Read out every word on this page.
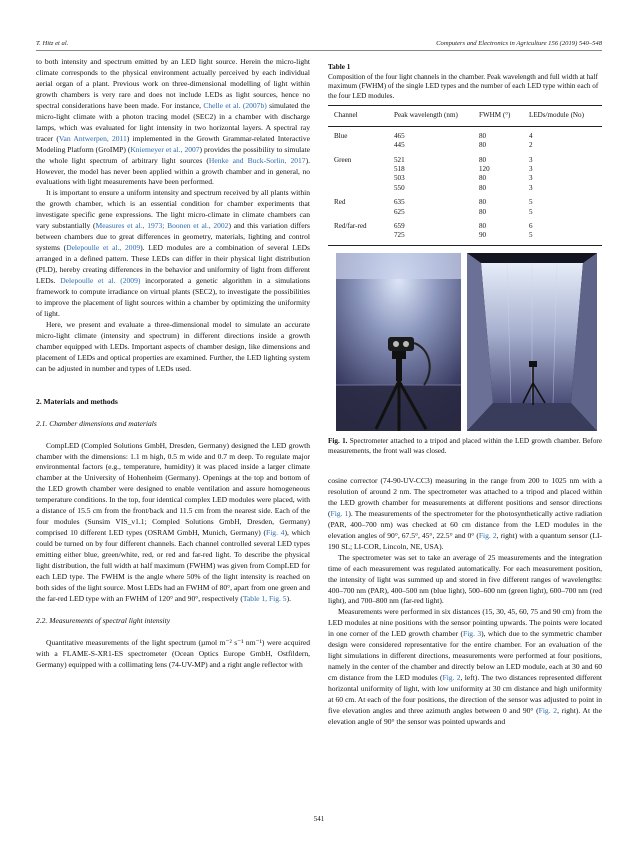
T. Hitz et al.	Computers and Electronics in Agriculture 156 (2019) 540–548

to both intensity and spectrum emitted by an LED light source. Herein the micro-light climate corresponds to the physical environment actually perceived by each individual aerial organ of a plant. Previous work on three-dimensional modelling of light within growth chambers is very rare and does not include LEDs as light sources, hence no spectral considerations have been made. For instance, Chelle et al. (2007b) simulated the micro-light climate with a photon tracing model (SEC2) in a chamber with discharge lamps, which was evaluated for light intensity in two horizontal layers. A spectral ray tracer (Van Antwerpen, 2011) implemented in the Growth Grammar-related Interactive Modeling Platform (GroIMP) (Kniemeyer et al., 2007) provides the possibility to simulate the whole light spectrum of arbitrary light sources (Henke and Buck-Sorlin, 2017). However, the model has never been applied within a growth chamber and in general, no evaluations with light measurements have been performed.

It is important to ensure a uniform intensity and spectrum received by all plants within the growth chamber, which is an essential condition for chamber experiments that investigate specific gene expressions. The light micro-climate in climate chambers can vary substantially (Measures et al., 1973; Boonen et al., 2002) and this variation differs between chambers due to great differences in geometry, materials, lighting and control systems (Delepoulle et al., 2009). LED modules are a combination of several LEDs arranged in a defined pattern. These LEDs can differ in their physical light distribution (PLD), hereby creating differences in the behavior and uniformity of light from different LEDs. Delepoulle et al. (2009) incorporated a genetic algorithm in a simulations framework to compute irradiance on virtual plants (SEC2), to investigate the possibilities to improve the placement of light sources within a chamber by optimizing the uniformity of light.

Here, we present and evaluate a three-dimensional model to simulate an accurate micro-light climate (intensity and spectrum) in different directions inside a growth chamber equipped with LEDs. Important aspects of chamber design, like dimensions and placement of LEDs and optical properties are examined. Further, the LED lighting system can be adjusted in number and types of LEDs used.

2. Materials and methods

2.1. Chamber dimensions and materials

CompLED (Compled Solutions GmbH, Dresden, Germany) designed the LED growth chamber with the dimensions: 1.1 m high, 0.5 m wide and 0.7 m deep. To regulate major environmental factors (e.g., temperature, humidity) it was placed inside a larger climate chamber at the University of Hohenheim (Germany). Openings at the top and bottom of the LED growth chamber were designed to enable ventilation and assure homogeneous temperature conditions. In the top, four identical complex LED modules were placed, with a distance of 15.5 cm from the front/back and 11.5 cm from the nearest side. Each of the four modules (Sunsim VIS_v1.1; Compled Solutions GmbH, Dresden, Germany) comprised 10 different LED types (OSRAM GmbH, Munich, Germany) (Fig. 4), which could be turned on by four different channels. Each channel controlled several LED types emitting either blue, green/white, red, or red and far-red light. To describe the physical light distribution, the full width at half maximum (FWHM) was given from CompLED for each LED type. The FWHM is the angle where 50% of the light intensity is reached on both sides of the light source. Most LEDs had an FWHM of 80°, apart from one green and the far-red LED type with an FWHM of 120° and 90°, respectively (Table 1, Fig. 5).

2.2. Measurements of spectral light intensity

Quantitative measurements of the light spectrum (µmol m⁻² s⁻¹ nm⁻¹) were acquired with a FLAME-S-XR1-ES spectrometer (Ocean Optics Europe GmbH, Ostfildern, Germany) equipped with a collimating lens (74-UV-MP) and a right angle reflector with

Table 1
Composition of the four light channels in the chamber. Peak wavelength and full width at half maximum (FWHM) of the single LED types and the number of each LED type within each of the four LED modules.
Channel	Peak wavelength (nm)	FWHM (°)	LEDs/module (No)
Blue	465	80	4
	445	80	2
Green	521	80	3
	518	120	3
	503	80	3
	550	80	3
Red	635	80	5
	625	80	5
Red/far-red	659	80	6
	725	90	5
Fig. 1. Spectrometer attached to a tripod and placed within the LED growth chamber. Before measurements, the front wall was closed.

cosine corrector (74-90-UV-CC3) measuring in the range from 200 to 1025 nm with a resolution of around 2 nm. The spectrometer was attached to a tripod and placed within the LED growth chamber for measurements at different positions and sensor directions (Fig. 1). The measurements of the spectrometer for the photosynthetically active radiation (PAR, 400–700 nm) was checked at 60 cm distance from the LED modules in the elevation angles of 90°, 67.5°, 45°, 22.5° and 0° (Fig. 2, right) with a quantum sensor (LI-190 SL; LI-COR, Lincoln, NE, USA).

The spectrometer was set to take an average of 25 measurements and the integration time of each measurement was regulated automatically. For each measurement position, the intensity of light was summed up and stored in five different ranges of wavelengths: 400–700 nm (PAR), 400–500 nm (blue light), 500–600 nm (green light), 600–700 nm (red light), and 700–800 nm (far-red light).

Measurements were performed in six distances (15, 30, 45, 60, 75 and 90 cm) from the LED modules at nine positions with the sensor pointing upwards. The points were located in one corner of the LED growth chamber (Fig. 3), which due to the symmetric chamber design were considered representative for the entire chamber. For an evaluation of the light simulations in different directions, measurements were performed at four positions, namely in the center of the chamber and directly below an LED module, each at 30 and 60 cm distance from the LED modules (Fig. 2, left). The two distances represented different horizontal uniformity of light, with low uniformity at 30 cm distance and high uniformity at 60 cm. At each of the four positions, the direction of the sensor was adjusted to point in five elevation angles and three azimuth angles between 0 and 90° (Fig. 2, right). At the elevation angle of 90° the sensor was pointed upwards and

541
